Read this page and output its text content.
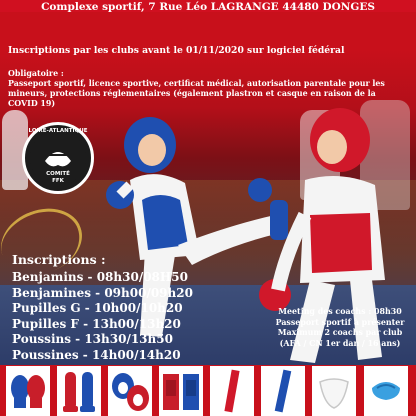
Complexe sportif, 7 Rue Léo LAGRANGE 44480 DONGES
Inscriptions par les clubs avant le 01/11/2020 sur logiciel fédéral
Obligatoire :
Passeport sportif, licence sportive, certificat médical, autorisation parentale pour les mineurs, protections réglementaires (également plastron et casque en raison de la COVID 19)
LOIRE-ATLANTIQUE
COMITÉ
FFK
Inscriptions :
Benjamins - 08h30/08H50
Benjamines - 09h00/09h20
Pupilles G - 10h00/10h20
Pupilles F - 13h00/13h20
Poussins - 13h30/13h50
Poussines - 14h00/14h20
Meeting des coachs : 08h30
Passeport sportif à présenter
Maximum 2 coachs par club
(AFA / CN 1er dan / 16 ans)
